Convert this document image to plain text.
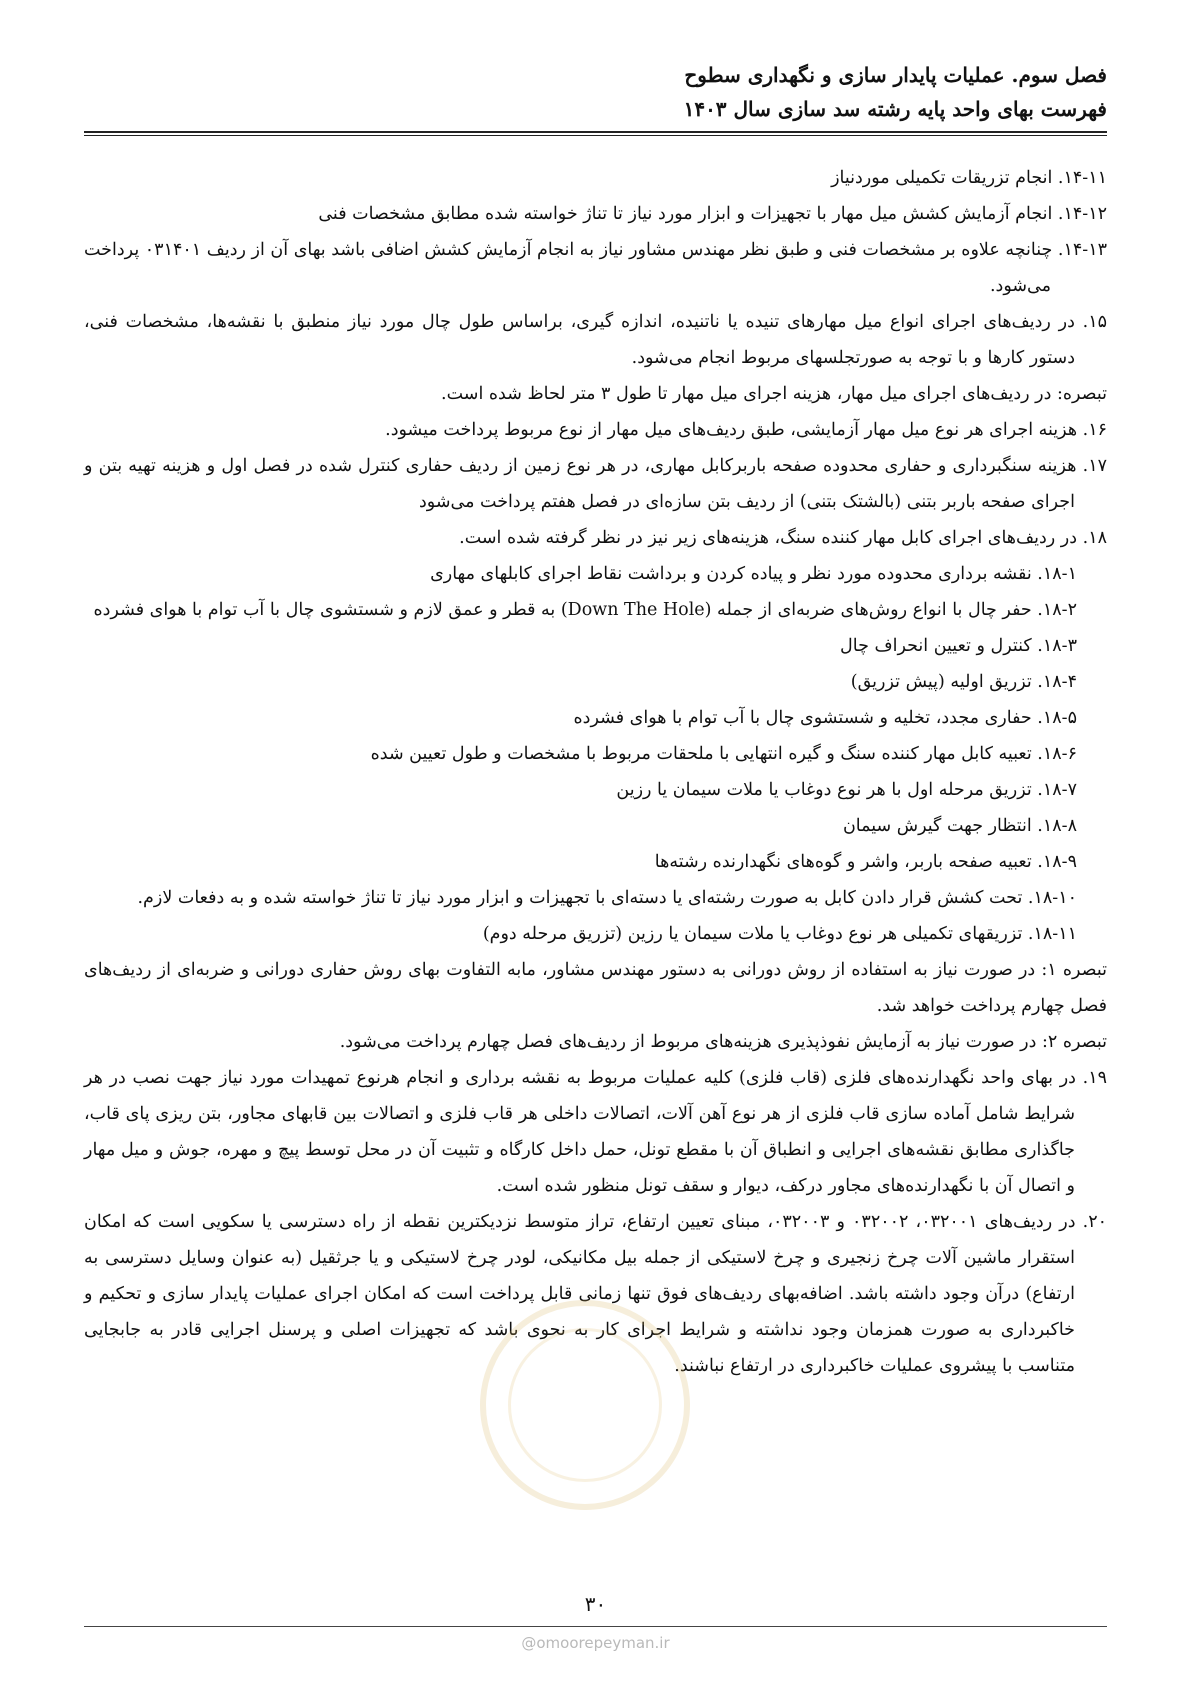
فصل سوم. عملیات پایدار سازی و نگهداری سطوح
فهرست بهای واحد پایه رشته سد سازی سال ۱۴۰۳

۱۴-۱۱. انجام تزریقات تکمیلی موردنیاز

۱۴-۱۲. انجام آزمایش کشش میل مهار با تجهیزات و ابزار مورد نیاز تا تناژ خواسته شده مطابق مشخصات فنی

۱۴-۱۳. چنانچه علاوه بر مشخصات فنی و طبق نظر مهندس مشاور نیاز به انجام آزمایش کشش اضافی باشد بهای آن از ردیف ۰۳۱۴۰۱ پرداخت می‌شود.

۱۵. در ردیف‌های اجرای انواع میل مهارهای تنیده یا ناتنیده، اندازه گیری، براساس طول چال مورد نیاز منطبق با نقشه‌ها، مشخصات فنی، دستور کارها و با توجه به صورتجلسهای مربوط انجام می‌شود.

تبصره: در ردیف‌های اجرای میل مهار، هزینه اجرای میل مهار تا طول ۳ متر لحاظ شده است.

۱۶. هزینه اجرای هر نوع میل مهار آزمایشی، طبق ردیف‌های میل مهار از نوع مربوط پرداخت میشود.

۱۷. هزینه سنگبرداری و حفاری محدوده صفحه باربرکابل مهاری، در هر نوع زمین از ردیف حفاری کنترل شده در فصل اول و هزینه تهیه بتن و اجرای صفحه باربر بتنی (بالشتک بتنی) از ردیف بتن سازه‌ای در فصل هفتم پرداخت می‌شود

۱۸. در ردیف‌های اجرای کابل مهار کننده سنگ، هزینه‌های زیر نیز در نظر گرفته شده است.

۱۸-۱. نقشه برداری محدوده مورد نظر و پیاده کردن و برداشت نقاط اجرای کابلهای مهاری

۱۸-۲. حفر چال با انواع روش‌های ضربه‌ای از جمله (Down The Hole) به قطر و عمق لازم و شستشوی چال با آب توام با هوای فشرده

۱۸-۳. کنترل و تعیین انحراف چال

۱۸-۴. تزریق اولیه (پیش تزریق)

۱۸-۵. حفاری مجدد، تخلیه و شستشوی چال با آب توام با هوای فشرده

۱۸-۶. تعبیه کابل مهار کننده سنگ و گیره انتهایی با ملحقات مربوط با مشخصات و طول تعیین شده

۱۸-۷. تزریق مرحله اول با هر نوع دوغاب یا ملات سیمان یا رزین

۱۸-۸. انتظار جهت گیرش سیمان

۱۸-۹. تعبیه صفحه باربر، واشر و گوه‌های نگهدارنده رشته‌ها

۱۸-۱۰. تحت کشش قرار دادن کابل به صورت رشته‌ای یا دسته‌ای با تجهیزات و ابزار مورد نیاز تا تناژ خواسته شده و به دفعات لازم.

۱۸-۱۱. تزریقهای تکمیلی هر نوع دوغاب یا ملات سیمان یا رزین (تزریق مرحله دوم)

تبصره ۱: در صورت نیاز به استفاده از روش دورانی به دستور مهندس مشاور، مابه التفاوت بهای روش حفاری دورانی و ضربه‌ای از ردیف‌های فصل چهارم پرداخت خواهد شد.

تبصره ۲: در صورت نیاز به آزمایش نفوذپذیری هزینه‌های مربوط از ردیف‌های فصل چهارم پرداخت می‌شود.

۱۹. در بهای واحد نگهدارنده‌های فلزی (قاب فلزی) کلیه عملیات مربوط به نقشه برداری و انجام هرنوع تمهیدات مورد نیاز جهت نصب در هر شرایط شامل آماده سازی قاب فلزی از هر نوع آهن آلات، اتصالات داخلی هر قاب فلزی و اتصالات بین قابهای مجاور، بتن ریزی پای قاب، جاگذاری مطابق نقشه‌های اجرایی و انطباق آن با مقطع تونل، حمل داخل کارگاه و تثبیت آن در محل توسط پیچ و مهره، جوش و میل مهار و اتصال آن با نگهدارنده‌های مجاور درکف، دیوار و سقف تونل منظور شده است.

۲۰. در ردیف‌های ۰۳۲۰۰۱، ۰۳۲۰۰۲ و ۰۳۲۰۰۳، مبنای تعیین ارتفاع، تراز متوسط نزدیکترین نقطه از راه دسترسی یا سکویی است که امکان استقرار ماشین آلات چرخ زنجیری و چرخ لاستیکی از جمله بیل مکانیکی، لودر چرخ لاستیکی و یا جرثقیل (به عنوان وسایل دسترسی به ارتفاع) درآن وجود داشته باشد. اضافه‌بهای ردیف‌های فوق تنها زمانی قابل پرداخت است که امکان اجرای عملیات پایدار سازی و تحکیم و خاکبرداری به صورت همزمان وجود نداشته و شرایط اجرای کار به نحوی باشد که تجهیزات اصلی و پرسنل اجرایی قادر به جابجایی متناسب با پیشروی عملیات خاکبرداری در ارتفاع نباشند.

۳۰
@omoorepeyman.ir
